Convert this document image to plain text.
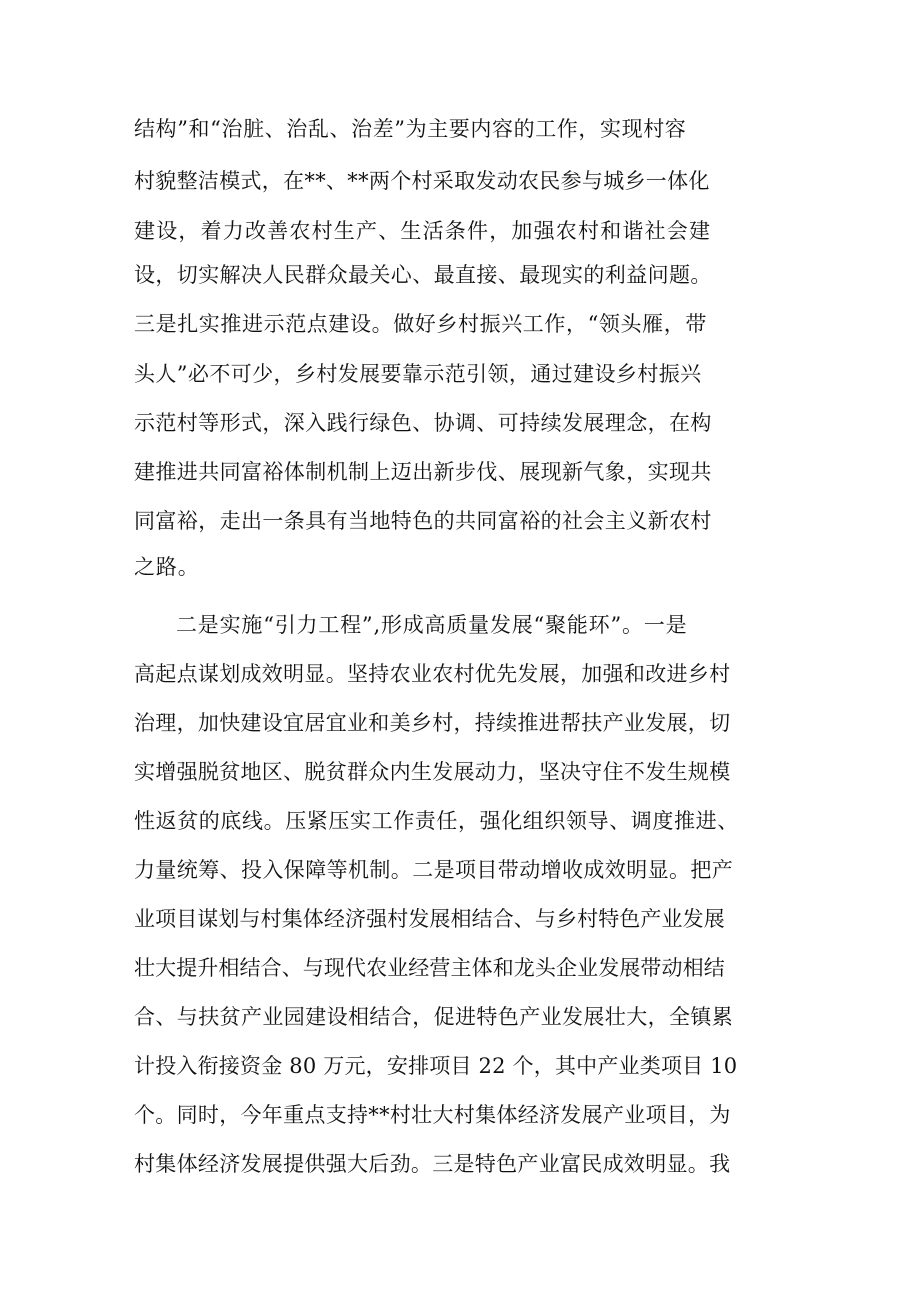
结构”和“治脏、治乱、治差”为主要内容的工作，实现村容
村貌整洁模式，在**、**两个村采取发动农民参与城乡一体化
建设，着力改善农村生产、生活条件，加强农村和谐社会建
设，切实解决人民群众最关心、最直接、最现实的利益问题。
三是扎实推进示范点建设。做好乡村振兴工作，“领头雁，带
头人”必不可少，乡村发展要靠示范引领，通过建设乡村振兴
示范村等形式，深入践行绿色、协调、可持续发展理念，在构
建推进共同富裕体制机制上迈出新步伐、展现新气象，实现共
同富裕，走出一条具有当地特色的共同富裕的社会主义新农村
之路。
二是实施“引力工程”,形成高质量发展“聚能环”。一是
高起点谋划成效明显。坚持农业农村优先发展，加强和改进乡村
治理，加快建设宜居宜业和美乡村，持续推进帮扶产业发展，切
实增强脱贫地区、脱贫群众内生发展动力，坚决守住不发生规模
性返贫的底线。压紧压实工作责任，强化组织领导、调度推进、
力量统筹、投入保障等机制。二是项目带动增收成效明显。把产
业项目谋划与村集体经济强村发展相结合、与乡村特色产业发展
壮大提升相结合、与现代农业经营主体和龙头企业发展带动相结
合、与扶贫产业园建设相结合，促进特色产业发展壮大，全镇累
计投入衔接资金 80 万元，安排项目 22 个，其中产业类项目 10
个。同时，今年重点支持**村壮大村集体经济发展产业项目，为
村集体经济发展提供强大后劲。三是特色产业富民成效明显。我
